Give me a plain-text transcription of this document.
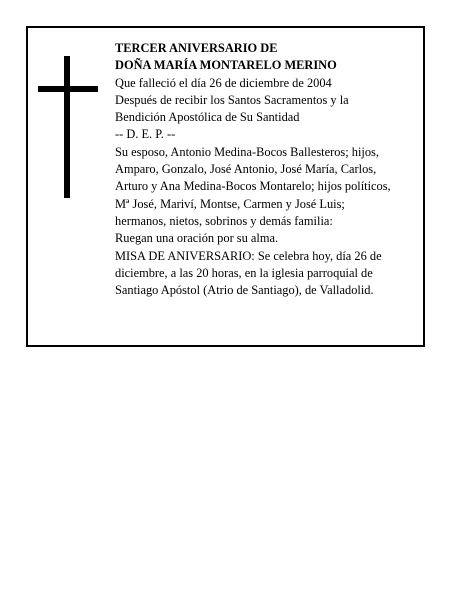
TERCER ANIVERSARIO DE
DOÑA MARÍA MONTARELO MERINO
Que falleció el día 26 de diciembre de 2004
Después de recibir los Santos Sacramentos y la
Bendición Apostólica de Su Santidad
-- D. E. P. --
Su esposo, Antonio Medina-Bocos Ballesteros; hijos,
Amparo, Gonzalo, José Antonio, José María, Carlos,
Arturo y Ana Medina-Bocos Montarelo; hijos políticos,
Mª José, Mariví, Montse, Carmen y José Luis;
hermanos, nietos, sobrinos y demás familia:
Ruegan una oración por su alma.
MISA DE ANIVERSARIO: Se celebra hoy, día 26 de
diciembre, a las 20 horas, en la iglesia parroquial de
Santiago Apóstol (Atrio de Santiago), de Valladolid.
